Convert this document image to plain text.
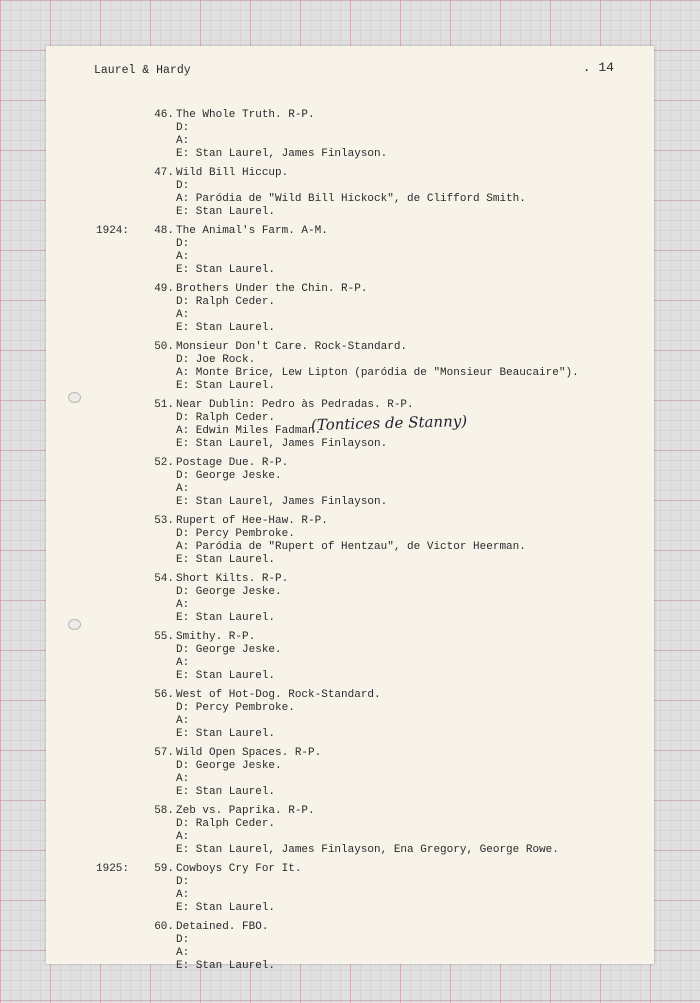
Laurel & Hardy	. 14
46. The Whole Truth. R-P.
D:
A:
E: Stan Laurel, James Finlayson.
47. Wild Bill Hiccup.
D:
A: Paródia de "Wild Bill Hickock", de Clifford Smith.
E: Stan Laurel.
1924:	48. The Animal's Farm. A-M.
D:
A:
E: Stan Laurel.
49. Brothers Under the Chin. R-P.
D: Ralph Ceder.
A:
E: Stan Laurel.
50. Monsieur Don't Care. Rock-Standard.
D: Joe Rock.
A: Monte Brice, Lew Lipton (paródia de "Monsieur Beaucaire").
E: Stan Laurel.
51. Near Dublin: Pedro às Pedradas. R-P.
D: Ralph Ceder.
A: Edwin Miles Fadman.
E: Stan Laurel, James Finlayson.
52. Postage Due. R-P.
D: George Jeske.
A:
E: Stan Laurel, James Finlayson.
53. Rupert of Hee-Haw. R-P.
D: Percy Pembroke.
A: Paródia de "Rupert of Hentzau", de Victor Heerman.
E: Stan Laurel.
54. Short Kilts. R-P.
D: George Jeske.
A:
E: Stan Laurel.
55. Smithy. R-P.
D: George Jeske.
A:
E: Stan Laurel.
56. West of Hot-Dog. Rock-Standard.
D: Percy Pembroke.
A:
E: Stan Laurel.
57. Wild Open Spaces. R-P.
D: George Jeske.
A:
E: Stan Laurel.
58. Zeb vs. Paprika. R-P.
D: Ralph Ceder.
A:
E: Stan Laurel, James Finlayson, Ena Gregory, George Rowe.
1925:	59. Cowboys Cry For It.
D:
A:
E: Stan Laurel.
60. Detained. FBO.
D:
A:
E: Stan Laurel.
(Tontices de Stanny)
